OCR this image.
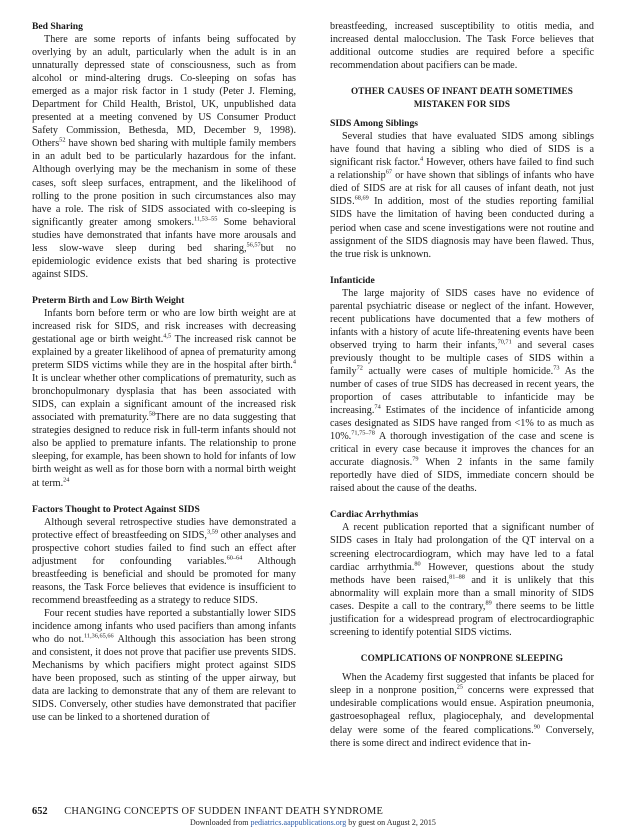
Bed Sharing

There are some reports of infants being suffocated by overlying by an adult, particularly when the adult is in an unnaturally depressed state of consciousness, such as from alcohol or mind-altering drugs. Co-sleeping on sofas has emerged as a major risk factor in 1 study (Peter J. Fleming, Department for Child Health, Bristol, UK, unpublished data presented at a meeting convened by US Consumer Product Safety Commission, Bethesda, MD, December 9, 1998). Others$^{52}$ have shown bed sharing with multiple family members in an adult bed to be particularly hazardous for the infant. Although overlying may be the mechanism in some of these cases, soft sleep surfaces, entrapment, and the likelihood of rolling to the prone position in such circumstances also may have a role. The risk of SIDS associated with co-sleeping is significantly greater among smokers.$^{11,53-55}$ Some behavioral studies have demonstrated that infants have more arousals and less slow-wave sleep during bed sharing,$^{56,57}$but no epidemiologic evidence exists that bed sharing is protective against SIDS.

Preterm Birth and Low Birth Weight

Infants born before term or who are low birth weight are at increased risk for SIDS, and risk increases with decreasing gestational age or birth weight.$^{4,5}$ The increased risk cannot be explained by a greater likelihood of apnea of prematurity among preterm SIDS victims while they are in the hospital after birth.$^4$ It is unclear whether other complications of prematurity, such as bronchopulmonary dysplasia that has been associated with SIDS, can explain a significant amount of the increased risk associated with prematurity.$^{58}$There are no data suggesting that strategies designed to reduce risk in full-term infants should not also be applied to premature infants. The relationship to prone sleeping, for example, has been shown to hold for infants of low birth weight as well as for those born with a normal birth weight at term.$^{24}$

Factors Thought to Protect Against SIDS

Although several retrospective studies have demonstrated a protective effect of breastfeeding on SIDS,$^{3,59}$ other analyses and prospective cohort studies failed to find such an effect after adjustment for confounding variables.$^{60-64}$ Although breastfeeding is beneficial and should be promoted for many reasons, the Task Force believes that evidence is insufficient to recommend breastfeeding as a strategy to reduce SIDS.

Four recent studies have reported a substantially lower SIDS incidence among infants who used pacifiers than among infants who do not.$^{11,36,65,66}$ Although this association has been strong and consistent, it does not prove that pacifier use prevents SIDS. Mechanisms by which pacifiers might protect against SIDS have been proposed, such as stinting of the upper airway, but data are lacking to demonstrate that any of them are relevant to SIDS. Conversely, other studies have demonstrated that pacifier use can be linked to a shortened duration of

breastfeeding, increased susceptibility to otitis media, and increased dental malocclusion. The Task Force believes that additional outcome studies are required before a specific recommendation about pacifiers can be made.

OTHER CAUSES OF INFANT DEATH SOMETIMES MISTAKEN FOR SIDS
SIDS Among Siblings

Several studies that have evaluated SIDS among siblings have found that having a sibling who died of SIDS is a significant risk factor.$^4$ However, others have failed to find such a relationship$^{67}$ or have shown that siblings of infants who have died of SIDS are at risk for all causes of infant death, not just SIDS.$^{68,69}$ In addition, most of the studies reporting familial SIDS have the limitation of having been conducted during a period when case and scene investigations were not routine and assignment of the SIDS diagnosis may have been flawed. Thus, the true risk is unknown.

Infanticide

The large majority of SIDS cases have no evidence of parental psychiatric disease or neglect of the infant. However, recent publications have documented that a few mothers of infants with a history of acute life-threatening events have been observed trying to harm their infants,$^{70,71}$ and several cases previously thought to be multiple cases of SIDS within a family$^{72}$ actually were cases of multiple homicide.$^{73}$ As the number of cases of true SIDS has decreased in recent years, the proportion of cases attributable to infanticide may be increasing.$^{74}$ Estimates of the incidence of infanticide among cases designated as SIDS have ranged from <1% to as much as 10%.$^{71,75-78}$ A thorough investigation of the case and scene is critical in every case because it improves the chances for an accurate diagnosis.$^{79}$ When 2 infants in the same family reportedly have died of SIDS, immediate concern should be raised about the cause of the deaths.

Cardiac Arrhythmias

A recent publication reported that a significant number of SIDS cases in Italy had prolongation of the QT interval on a screening electrocardiogram, which may have led to a fatal cardiac arrhythmia.$^{80}$ However, questions about the study methods have been raised,$^{81-88}$ and it is unlikely that this abnormality will explain more than a small minority of SIDS cases. Despite a call to the contrary,$^{89}$ there seems to be little justification for a widespread program of electrocardiographic screening to identify potential SIDS victims.

COMPLICATIONS OF NONPRONE SLEEPING

When the Academy first suggested that infants be placed for sleep in a nonprone position,$^{25}$ concerns were expressed that undesirable complications would ensue. Aspiration pneumonia, gastroesophageal reflux, plagiocephaly, and developmental delay were some of the feared complications.$^{90}$ Conversely, there is some direct and indirect evidence that in-

652 CHANGING CONCEPTS OF SUDDEN INFANT DEATH SYNDROME
Downloaded from pediatrics.aappublications.org by guest on August 2, 2015
